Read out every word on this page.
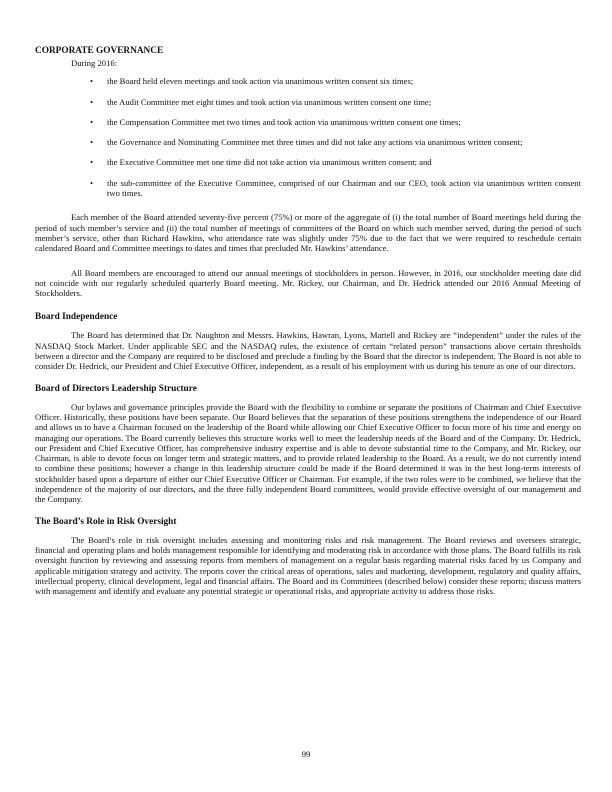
CORPORATE GOVERNANCE

During 2016:

• the Board held eleven meetings and took action via unanimous written consent six times;
• the Audit Committee met eight times and took action via unanimous written consent one time;
• the Compensation Committee met two times and took action via unanimous written consent one times;
• the Governance and Nominating Committee met three times and did not take any actions via unanimous written consent;
• the Executive Committee met one time did not take action via unanimous written consent; and
• the sub-committee of the Executive Committee, comprised of our Chairman and our CEO, took action via unanimous written consent two times.

Each member of the Board attended seventy-five percent (75%) or more of the aggregate of (i) the total number of Board meetings held during the period of such member’s service and (ii) the total number of meetings of committees of the Board on which such member served, during the period of such member’s service, other than Richard Hawkins, who attendance rate was slightly under 75% due to the fact that we were required to reschedule certain calendared Board and Committee meetings to dates and times that precluded Mr. Hawkins’ attendance.

All Board members are encouraged to attend our annual meetings of stockholders in person. However, in 2016, our stockholder meeting date did not coincide with our regularly scheduled quarterly Board meeting. Mr. Rickey, our Chairman, and Dr. Hedrick attended our 2016 Annual Meeting of Stockholders.

Board Independence

The Board has determined that Dr. Naughton and Messrs. Hawkins, Hawran, Lyons, Martell and Rickey are “independent” under the rules of the NASDAQ Stock Market. Under applicable SEC and the NASDAQ rules, the existence of certain “related person” transactions above certain thresholds between a director and the Company are required to be disclosed and preclude a finding by the Board that the director is independent. The Board is not able to consider Dr. Hedrick, our President and Chief Executive Officer, independent, as a result of his employment with us during his tenure as one of our directors.

Board of Directors Leadership Structure

Our bylaws and governance principles provide the Board with the flexibility to combine or separate the positions of Chairman and Chief Executive Officer. Historically, these positions have been separate. Our Board believes that the separation of these positions strengthens the independence of our Board and allows us to have a Chairman focused on the leadership of the Board while allowing our Chief Executive Officer to focus more of his time and energy on managing our operations. The Board currently believes this structure works well to meet the leadership needs of the Board and of the Company. Dr. Hedrick, our President and Chief Executive Officer, has comprehensive industry expertise and is able to devote substantial time to the Company, and Mr. Rickey, our Chairman, is able to devote focus on longer term and strategic matters, and to provide related leadership to the Board. As a result, we do not currently intend to combine these positions; however a change in this leadership structure could be made if the Board determined it was in the best long-term interests of stockholder based upon a departure of either our Chief Executive Officer or Chairman. For example, if the two roles were to be combined, we believe that the independence of the majority of our directors, and the three fully independent Board committees, would provide effective oversight of our management and the Company.

The Board’s Role in Risk Oversight

The Board’s role in risk oversight includes assessing and monitoring risks and risk management. The Board reviews and oversees strategic, financial and operating plans and holds management responsible for identifying and moderating risk in accordance with those plans. The Board fulfills its risk oversight function by reviewing and assessing reports from members of management on a regular basis regarding material risks faced by us Company and applicable mitigation strategy and activity. The reports cover the critical areas of operations, sales and marketing, development, regulatory and quality affairs, intellectual property, clinical development, legal and financial affairs. The Board and its Committees (described below) consider these reports; discuss matters with management and identify and evaluate any potential strategic or operational risks, and appropriate activity to address those risks.

99
